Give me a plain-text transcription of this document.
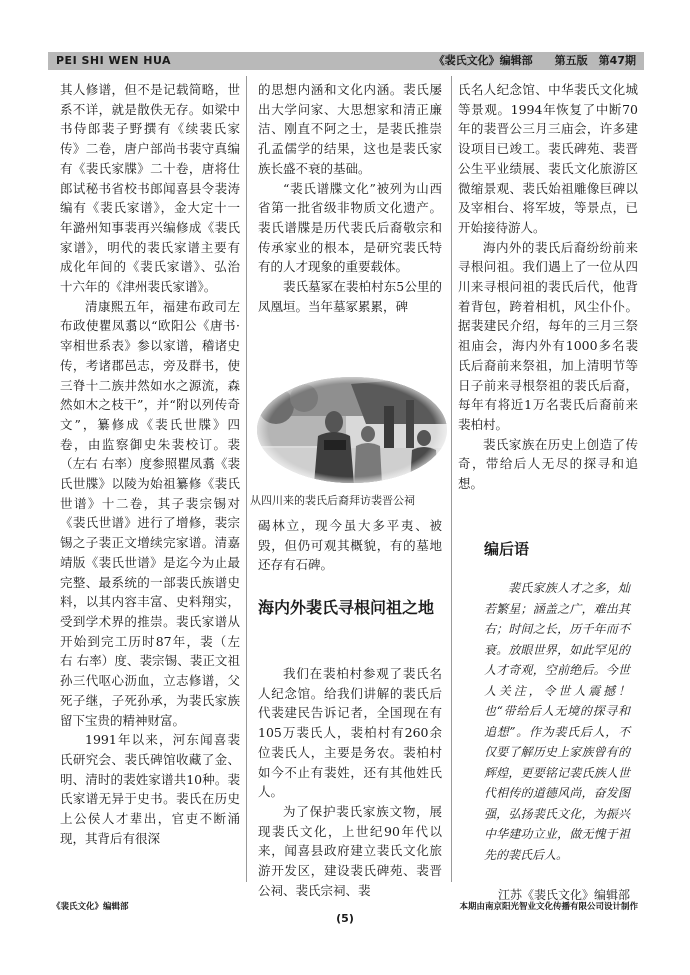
PEI SHI WEN HUA	《裴氏文化》编辑部　　第五版　第47期

其人修谱，但不是记载简略，世系不详，就是散佚无存。如梁中书侍郎裴子野撰有《续裴氏家传》二卷，唐户部尚书裴守真编有《裴氏家牒》二十卷，唐将仕郎试秘书省校书郎闻喜县令裴涛编有《裴氏家谱》，金大定十一年潞州知事裴再兴编修成《裴氏家谱》，明代的裴氏家谱主要有成化年间的《裴氏家谱》、弘治十六年的《津州裴氏家谱》。

清康熙五年，福建布政司左布政使瞿凤翥以“欧阳公《唐书·宰相世系表》参以家谱，稽诸史传，考诸郡邑志，旁及群书，使三脊十二族井然如水之源流，森然如木之枝干”，并“附以列传奇文”，纂修成《裴氏世牒》四卷，由监察御史朱裴校订。裴（左右 右率）度参照瞿凤翥《裴氏世牒》以陵为始祖纂修《裴氏世谱》十二卷，其子裴宗锡对《裴氏世谱》进行了增修，裴宗锡之子裴正文增续完家谱。清嘉靖版《裴氏世谱》是迄今为止最完整、最系统的一部裴氏族谱史料，以其内容丰富、史料翔实，受到学术界的推崇。裴氏家谱从开始到完工历时87年，裴（左 右 右率）度、裴宗锡、裴正文祖孙三代呕心沥血，立志修谱，父死子继，子死孙承，为裴氏家族留下宝贵的精神财富。

1991年以来，河东闻喜裴氏研究会、裴氏碑馆收藏了金、明、清时的裴姓家谱共10种。裴氏家谱无异于史书。裴氏在历史上公侯人才辈出，官吏不断涌现，其背后有很深

的思想内涵和文化内涵。裴氏屡出大学问家、大思想家和清正廉洁、刚直不阿之士，是裴氏推崇孔孟儒学的结果，这也是裴氏家族长盛不衰的基础。

“裴氏谱牒文化”被列为山西省第一批省级非物质文化遗产。裴氏谱牒是历代裴氏后裔敬宗和传承家业的根本，是研究裴氏特有的人才现象的重要载体。

裴氏墓冢在裴柏村东5公里的凤凰垣。当年墓冢累累，碑

从四川来的裴氏后裔拜访裴晋公祠

碣林立，现今虽大多平夷、被毁，但仍可观其概貌，有的墓地还存有石碑。

海内外裴氏寻根问祖之地

我们在裴柏村参观了裴氏名人纪念馆。给我们讲解的裴氏后代裴建民告诉记者，全国现在有105万裴氏人，裴柏村有260余位裴氏人，主要是务农。裴柏村如今不止有裴姓，还有其他姓氏人。

为了保护裴氏家族文物，展现裴氏文化，上世纪90年代以来，闻喜县政府建立裴氏文化旅游开发区，建设裴氏碑苑、裴晋公祠、裴氏宗祠、裴

氏名人纪念馆、中华裴氏文化城等景观。1994年恢复了中断70年的裴晋公三月三庙会，许多建设项目已竣工。裴氏碑苑、裴晋公生平业绩展、裴氏文化旅游区微缩景观、裴氏始祖雕像巨碑以及宰相台、将军坡，等景点，已开始接待游人。

海内外的裴氏后裔纷纷前来寻根问祖。我们遇上了一位从四川来寻根问祖的裴氏后代，他背着背包，跨着相机，风尘仆仆。据裴建民介绍，每年的三月三祭祖庙会，海内外有1000多名裴氏后裔前来祭祖，加上清明节等日子前来寻根祭祖的裴氏后裔，每年有将近1万名裴氏后裔前来裴柏村。

裴氏家族在历史上创造了传奇，带给后人无尽的探寻和追想。

编后语
裴氏家族人才之多，灿若繁星；涵盖之广，难出其右；时间之长，历千年而不衰。放眼世界，如此罕见的人才奇观，空前绝后。今世人关注，令世人震撼！也“带给后人无境的探寻和追想”。作为裴氏后人，不仅要了解历史上家族曾有的辉煌，更要铭记裴氏族人世代相传的道德风尚，奋发图强，弘扬裴氏文化，为振兴中华建功立业，做无愧于祖先的裴氏后人。
江苏《裴氏文化》编辑部
《裴氏文化》编辑部	本期由南京阳光智业文化传播有限公司设计制作
(5)
